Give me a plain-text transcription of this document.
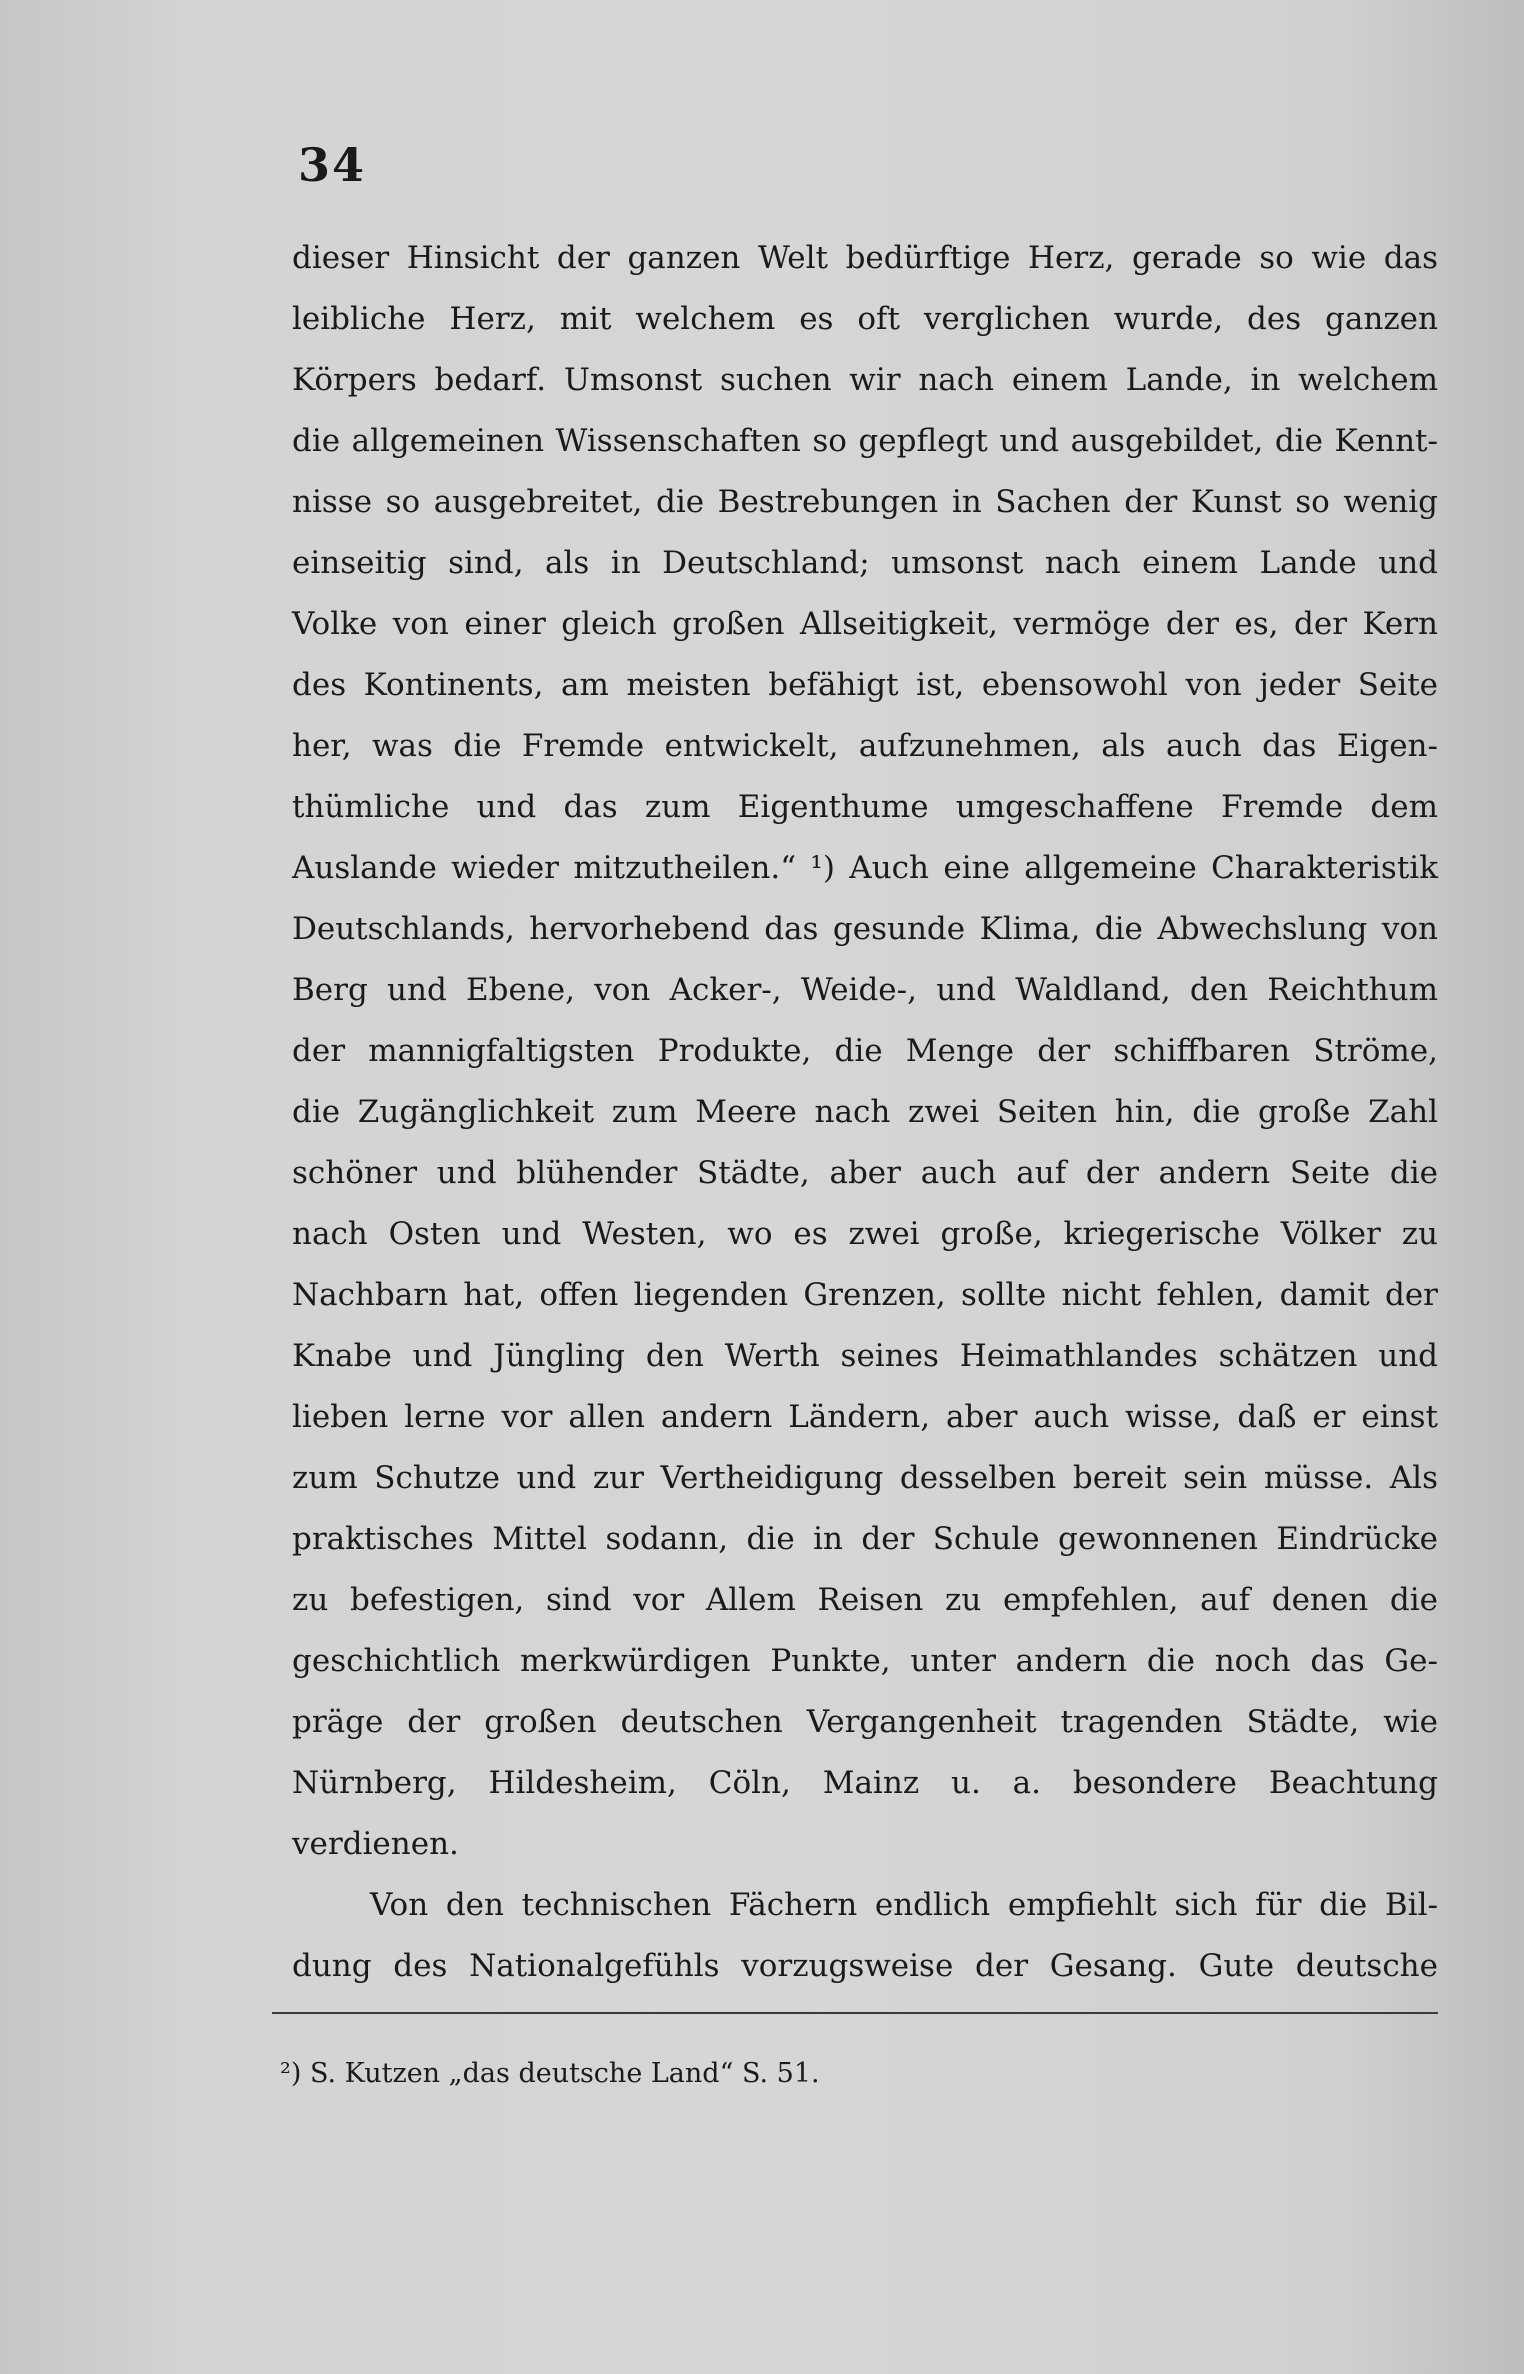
34
dieser Hinsicht der ganzen Welt bedürftige Herz, gerade so wie das
leibliche Herz, mit welchem es oft verglichen wurde, des ganzen
Körpers bedarf. Umsonst suchen wir nach einem Lande, in welchem
die allgemeinen Wissenschaften so gepflegt und ausgebildet, die Kennt-
nisse so ausgebreitet, die Bestrebungen in Sachen der Kunst so wenig
einseitig sind, als in Deutschland; umsonst nach einem Lande und
Volke von einer gleich großen Allseitigkeit, vermöge der es, der Kern
des Kontinents, am meisten befähigt ist, ebensowohl von jeder Seite
her, was die Fremde entwickelt, aufzunehmen, als auch das Eigen-
thümliche und das zum Eigenthume umgeschaffene Fremde dem
Auslande wieder mitzutheilen.“ ¹) Auch eine allgemeine Charakteristik
Deutschlands, hervorhebend das gesunde Klima, die Abwechslung von
Berg und Ebene, von Acker-, Weide-, und Waldland, den Reichthum
der mannigfaltigsten Produkte, die Menge der schiffbaren Ströme,
die Zugänglichkeit zum Meere nach zwei Seiten hin, die große Zahl
schöner und blühender Städte, aber auch auf der andern Seite die
nach Osten und Westen, wo es zwei große, kriegerische Völker zu
Nachbarn hat, offen liegenden Grenzen, sollte nicht fehlen, damit der
Knabe und Jüngling den Werth seines Heimathlandes schätzen und
lieben lerne vor allen andern Ländern, aber auch wisse, daß er einst
zum Schutze und zur Vertheidigung desselben bereit sein müsse. Als
praktisches Mittel sodann, die in der Schule gewonnenen Eindrücke
zu befestigen, sind vor Allem Reisen zu empfehlen, auf denen die
geschichtlich merkwürdigen Punkte, unter andern die noch das Ge-
präge der großen deutschen Vergangenheit tragenden Städte, wie
Nürnberg, Hildesheim, Cöln, Mainz u. a. besondere Beachtung
verdienen.
Von den technischen Fächern endlich empfiehlt sich für die Bil-
dung des Nationalgefühls vorzugsweise der Gesang. Gute deutsche
²) S. Kutzen „das deutsche Land“ S. 51.
